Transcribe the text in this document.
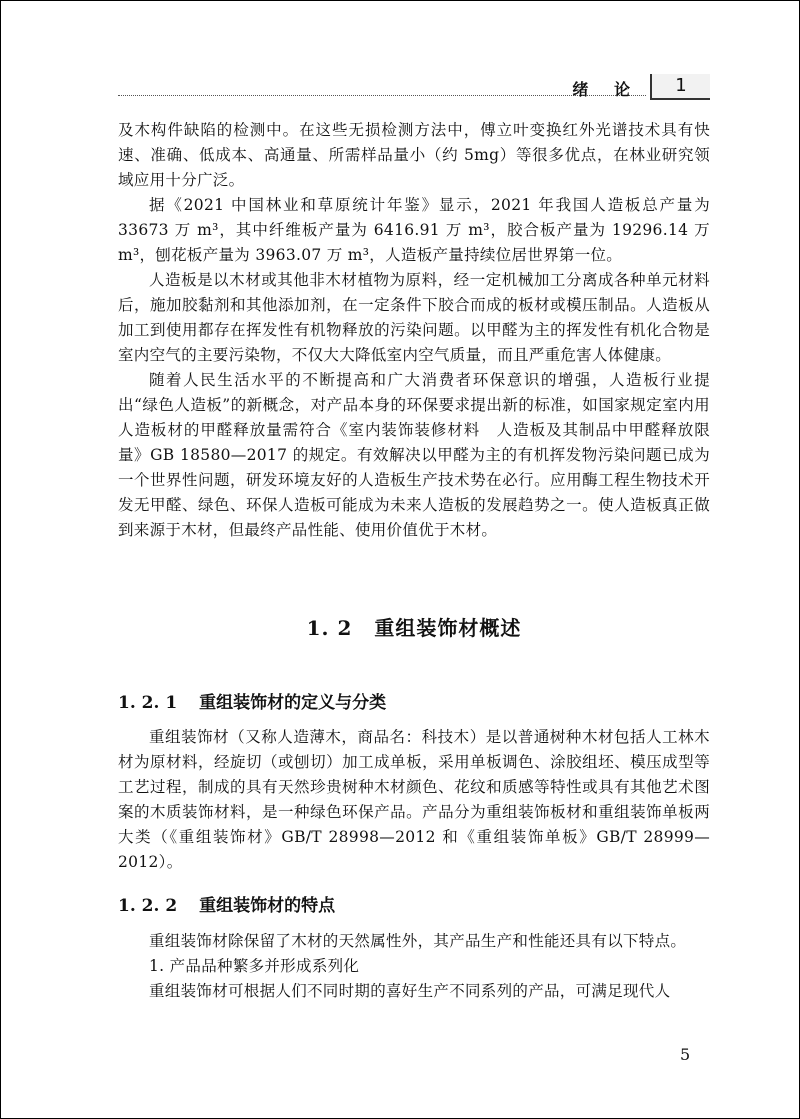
绪 论	1

及木构件缺陷的检测中。在这些无损检测方法中，傅立叶变换红外光谱技术具有快速、准确、低成本、高通量、所需样品量小（约 5mg）等很多优点，在林业研究领域应用十分广泛。

据《2021 中国林业和草原统计年鉴》显示，2021 年我国人造板总产量为 33673 万 m³，其中纤维板产量为 6416.91 万 m³，胶合板产量为 19296.14 万 m³，刨花板产量为 3963.07 万 m³，人造板产量持续位居世界第一位。

人造板是以木材或其他非木材植物为原料，经一定机械加工分离成各种单元材料后，施加胶黏剂和其他添加剂，在一定条件下胶合而成的板材或模压制品。人造板从加工到使用都存在挥发性有机物释放的污染问题。以甲醛为主的挥发性有机化合物是室内空气的主要污染物，不仅大大降低室内空气质量，而且严重危害人体健康。

随着人民生活水平的不断提高和广大消费者环保意识的增强，人造板行业提出“绿色人造板”的新概念，对产品本身的环保要求提出新的标准，如国家规定室内用人造板材的甲醛释放量需符合《室内装饰装修材料　人造板及其制品中甲醛释放限量》GB 18580—2017 的规定。有效解决以甲醛为主的有机挥发物污染问题已成为一个世界性问题，研发环境友好的人造板生产技术势在必行。应用酶工程生物技术开发无甲醛、绿色、环保人造板可能成为未来人造板的发展趋势之一。使人造板真正做到来源于木材，但最终产品性能、使用价值优于木材。

1. 2 重组装饰材概述
1. 2. 1 重组装饰材的定义与分类

重组装饰材（又称人造薄木，商品名：科技木）是以普通树种木材包括人工林木材为原材料，经旋切（或刨切）加工成单板，采用单板调色、涂胶组坯、模压成型等工艺过程，制成的具有天然珍贵树种木材颜色、花纹和质感等特性或具有其他艺术图案的木质装饰材料，是一种绿色环保产品。产品分为重组装饰板材和重组装饰单板两大类（《重组装饰材》GB/T 28998—2012 和《重组装饰单板》GB/T 28999—2012）。

1. 2. 2 重组装饰材的特点

重组装饰材除保留了木材的天然属性外，其产品生产和性能还具有以下特点。

1. 产品品种繁多并形成系列化

重组装饰材可根据人们不同时期的喜好生产不同系列的产品，可满足现代人

5
